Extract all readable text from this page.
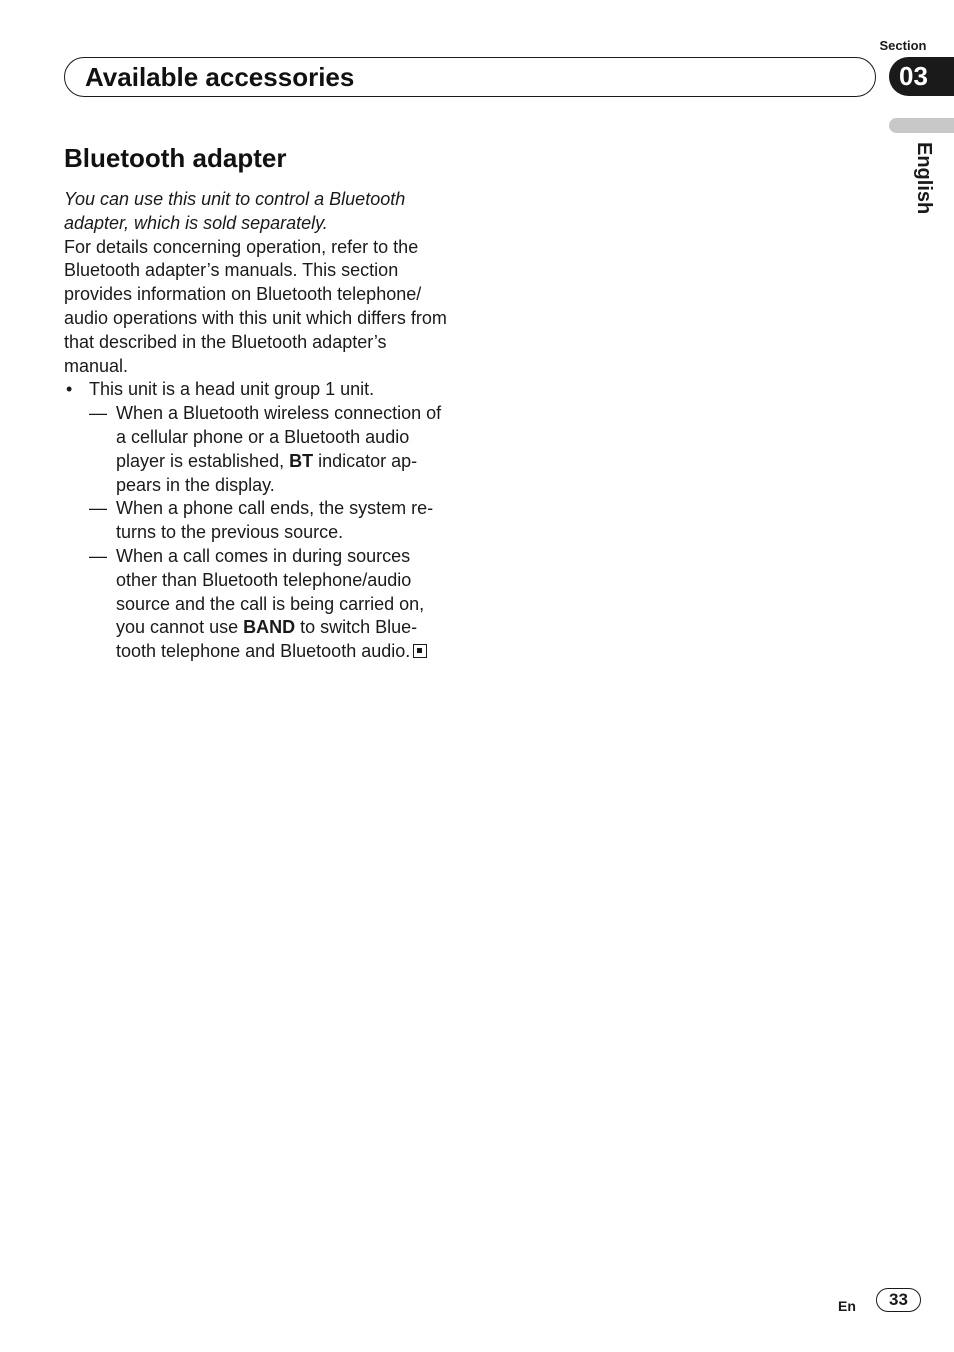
Section
03
Available accessories
English
Bluetooth adapter

You can use this unit to control a Bluetooth adapter, which is sold separately.

For details concerning operation, refer to the Bluetooth adapter’s manuals. This section provides information on Bluetooth telephone/ audio operations with this unit which differs from that described in the Bluetooth adapter’s manual.

• This unit is a head unit group 1 unit.
— When a Bluetooth wireless connection of a cellular phone or a Bluetooth audio player is established, BT indicator ap-pears in the display.
— When a phone call ends, the system re-turns to the previous source.
— When a call comes in during sources other than Bluetooth telephone/audio source and the call is being carried on, you cannot use BAND to switch Blue-tooth telephone and Bluetooth audio.
En	33
